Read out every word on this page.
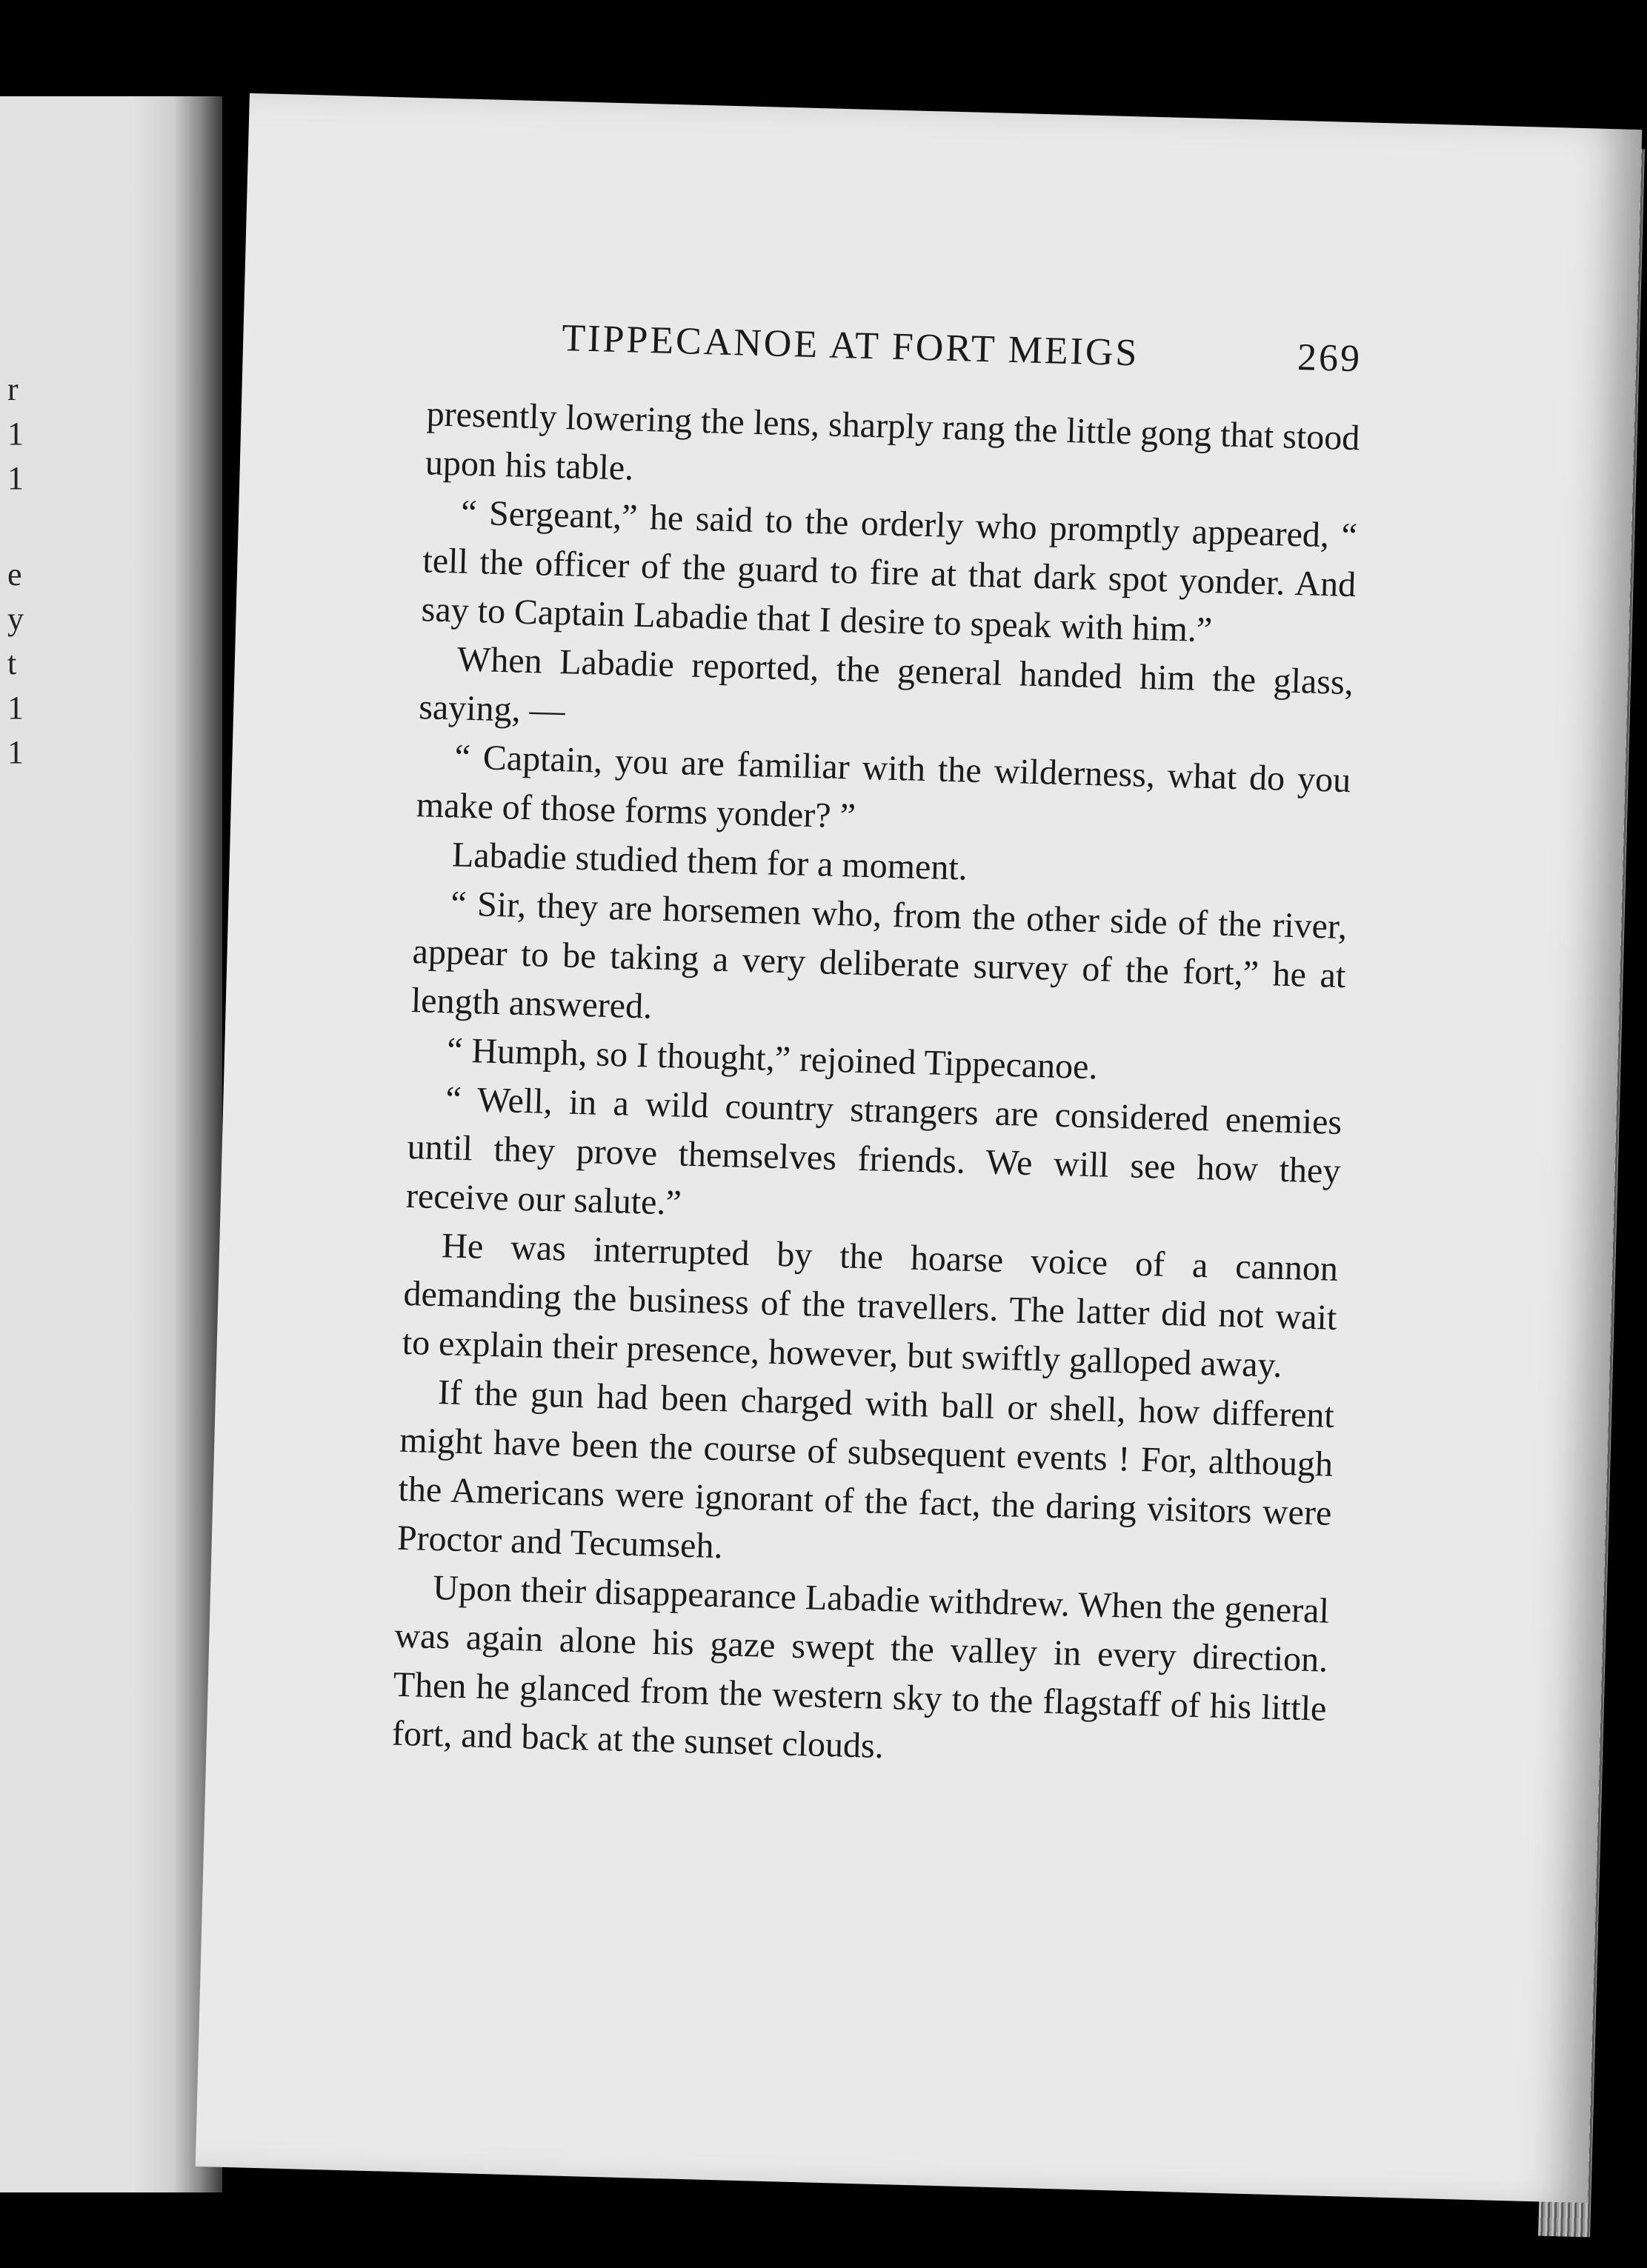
r
1
1
e
y
t
1
1
TIPPECANOE AT FORT MEIGS	269

presently lowering the lens, sharply rang the little gong that stood upon his table.

“ Sergeant,” he said to the orderly who promptly appeared, “ tell the officer of the guard to fire at that dark spot yonder. And say to Captain Labadie that I desire to speak with him.”

When Labadie reported, the general handed him the glass, saying, —

“ Captain, you are familiar with the wilderness, what do you make of those forms yonder? ”

Labadie studied them for a moment.

“ Sir, they are horsemen who, from the other side of the river, appear to be taking a very deliberate survey of the fort,” he at length answered.

“ Humph, so I thought,” rejoined Tippecanoe.

“ Well, in a wild country strangers are considered enemies until they prove themselves friends. We will see how they receive our salute.”

He was interrupted by the hoarse voice of a cannon demanding the business of the travellers. The latter did not wait to explain their presence, however, but swiftly galloped away.

If the gun had been charged with ball or shell, how different might have been the course of subsequent events ! For, although the Americans were ignorant of the fact, the daring visitors were Proctor and Tecumseh.

Upon their disappearance Labadie withdrew. When the general was again alone his gaze swept the valley in every direction. Then he glanced from the western sky to the flagstaff of his little fort, and back at the sunset clouds.
